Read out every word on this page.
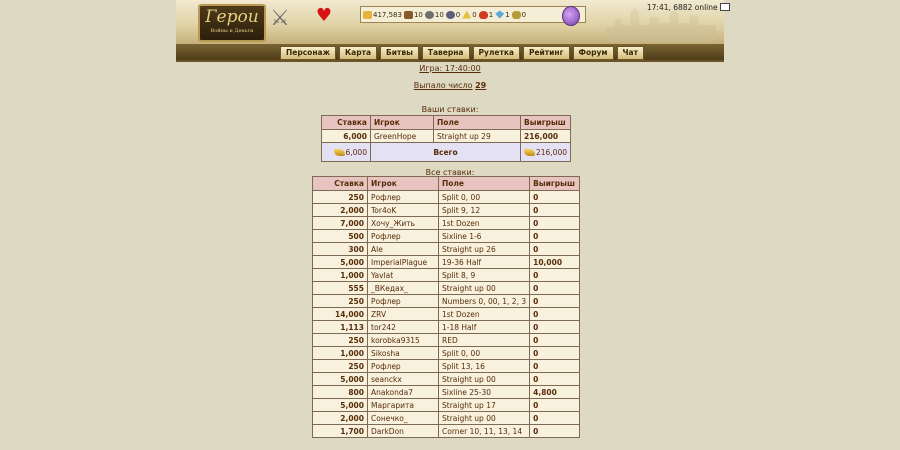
Герои
Войны и Деньги ⚔ ♥	417,583 10 10 0 0 1 1 0
Персонаж	Карта	Битвы	Таверна	Рулетка	Рейтинг	Форум	Чат
17:41, 6882 online
Игра: 17:40:00
Выпало число 29
Ваши ставки:
Ставка	Игрок	Поле	Выигрыш
6,000	GreenHope	Straight up 29	216,000
6,000	Всего		216,000
Все ставки:
Ставка	Игрок	Поле	Выигрыш
250	Рофлер	Split 0, 00	0
2,000	Tor4oK	Split 9, 12	0
7,000	Хочу_Жить	1st Dozen	0
500	Рофлер	Sixline 1-6	0
300	Ale	Straight up 26	0
5,000	ImperialPlague	19-36 Half	10,000
1,000	Yavlat	Split 8, 9	0
555	_ВКедах_	Straight up 00	0
250	Рофлер	Numbers 0, 00, 1, 2, 3	0
14,000	ZRV	1st Dozen	0
1,113	tor242	1-18 Half	0
250	korobka9315	RED	0
1,000	Sikosha	Split 0, 00	0
250	Рофлер	Split 13, 16	0
5,000	seanckx	Straight up 00	0
800	Anakonda7	Sixline 25-30	4,800
5,000	Маргарита	Straight up 17	0
2,000	Сонечко_	Straight up 00	0
1,700	DarkDon	Corner 10, 11, 13, 14	0
